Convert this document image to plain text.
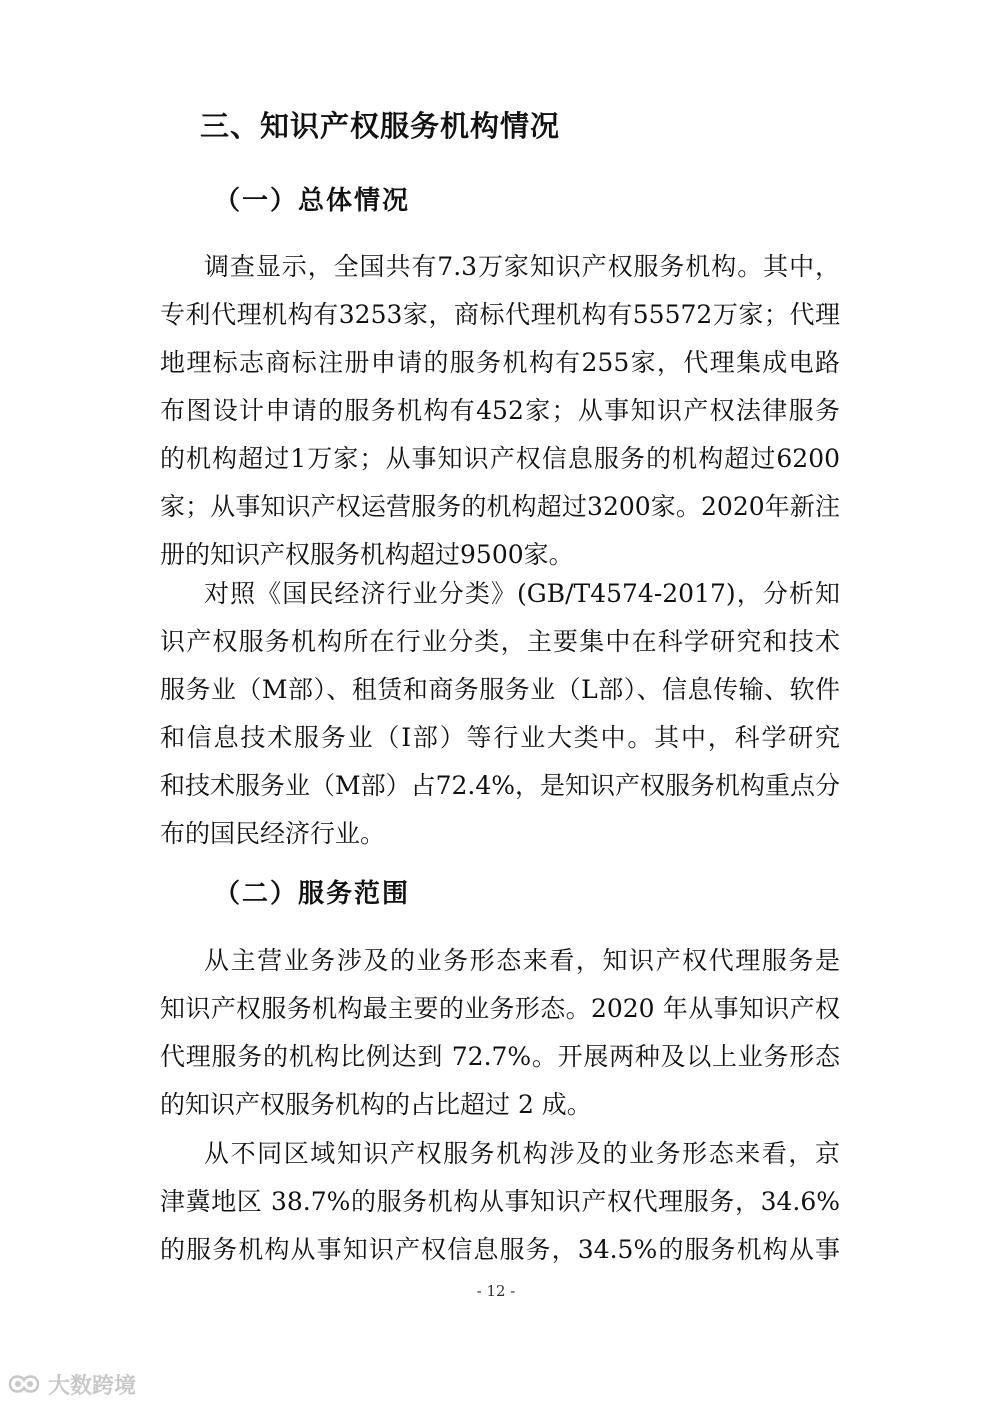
三、知识产权服务机构情况
（一）总体情况
调查显示，全国共有7.3万家知识产权服务机构。其中，
专利代理机构有3253家，商标代理机构有55572万家；代理
地理标志商标注册申请的服务机构有255家，代理集成电路
布图设计申请的服务机构有452家；从事知识产权法律服务
的机构超过1万家；从事知识产权信息服务的机构超过6200
家；从事知识产权运营服务的机构超过3200家。2020年新注
册的知识产权服务机构超过9500家。
对照《国民经济行业分类》(GB/T4574-2017)，分析知
识产权服务机构所在行业分类，主要集中在科学研究和技术
服务业（M部）、租赁和商务服务业（L部）、信息传输、软件
和信息技术服务业（I部）等行业大类中。其中，科学研究
和技术服务业（M部）占72.4%，是知识产权服务机构重点分
布的国民经济行业。
（二）服务范围
从主营业务涉及的业务形态来看，知识产权代理服务是
知识产权服务机构最主要的业务形态。2020 年从事知识产权
代理服务的机构比例达到 72.7%。开展两种及以上业务形态
的知识产权服务机构的占比超过 2 成。
从不同区域知识产权服务机构涉及的业务形态来看，京
津冀地区 38.7%的服务机构从事知识产权代理服务，34.6%
的服务机构从事知识产权信息服务，34.5%的服务机构从事
- 12 -
大数跨境
